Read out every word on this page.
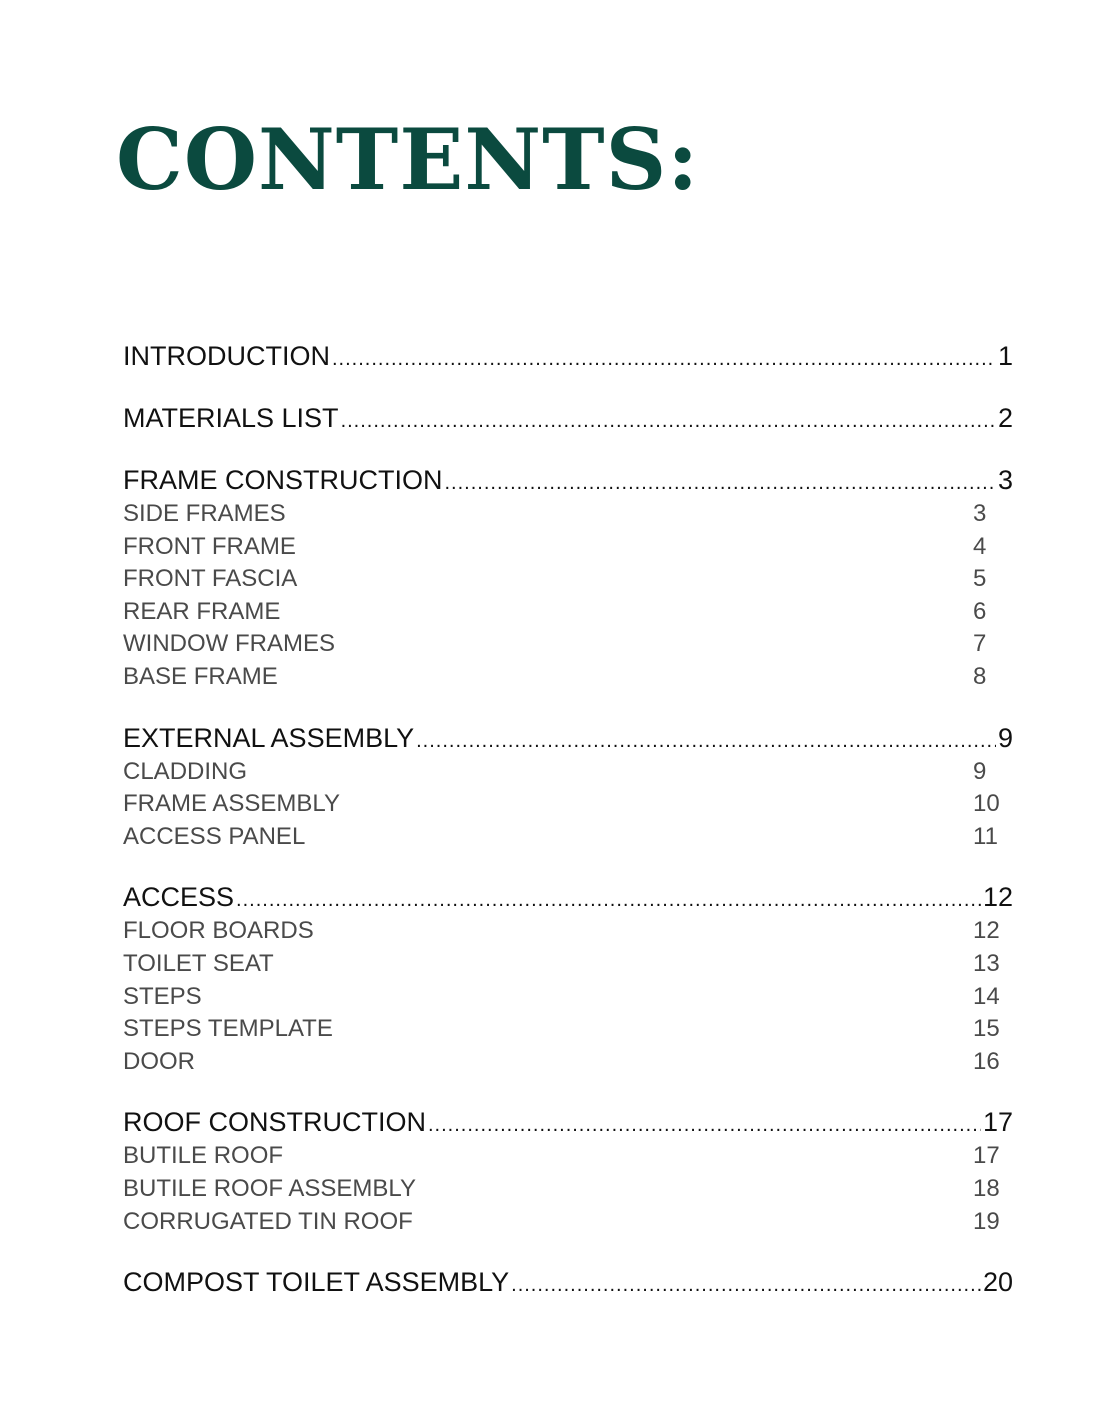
CONTENTS:
INTRODUCTION .....	1
MATERIALS LIST .....	2
FRAME CONSTRUCTION .....	3
SIDE FRAMES	3
FRONT FRAME	4
FRONT FASCIA	5
REAR FRAME	6
WINDOW FRAMES	7
BASE FRAME	8
EXTERNAL ASSEMBLY .....	9
CLADDING	9
FRAME ASSEMBLY	10
ACCESS PANEL	11
ACCESS .....	12
FLOOR BOARDS	12
TOILET SEAT	13
STEPS	14
STEPS TEMPLATE	15
DOOR	16
ROOF CONSTRUCTION .....	17
BUTILE ROOF	17
BUTILE ROOF ASSEMBLY	18
CORRUGATED TIN ROOF	19
COMPOST TOILET ASSEMBLY .....	20
